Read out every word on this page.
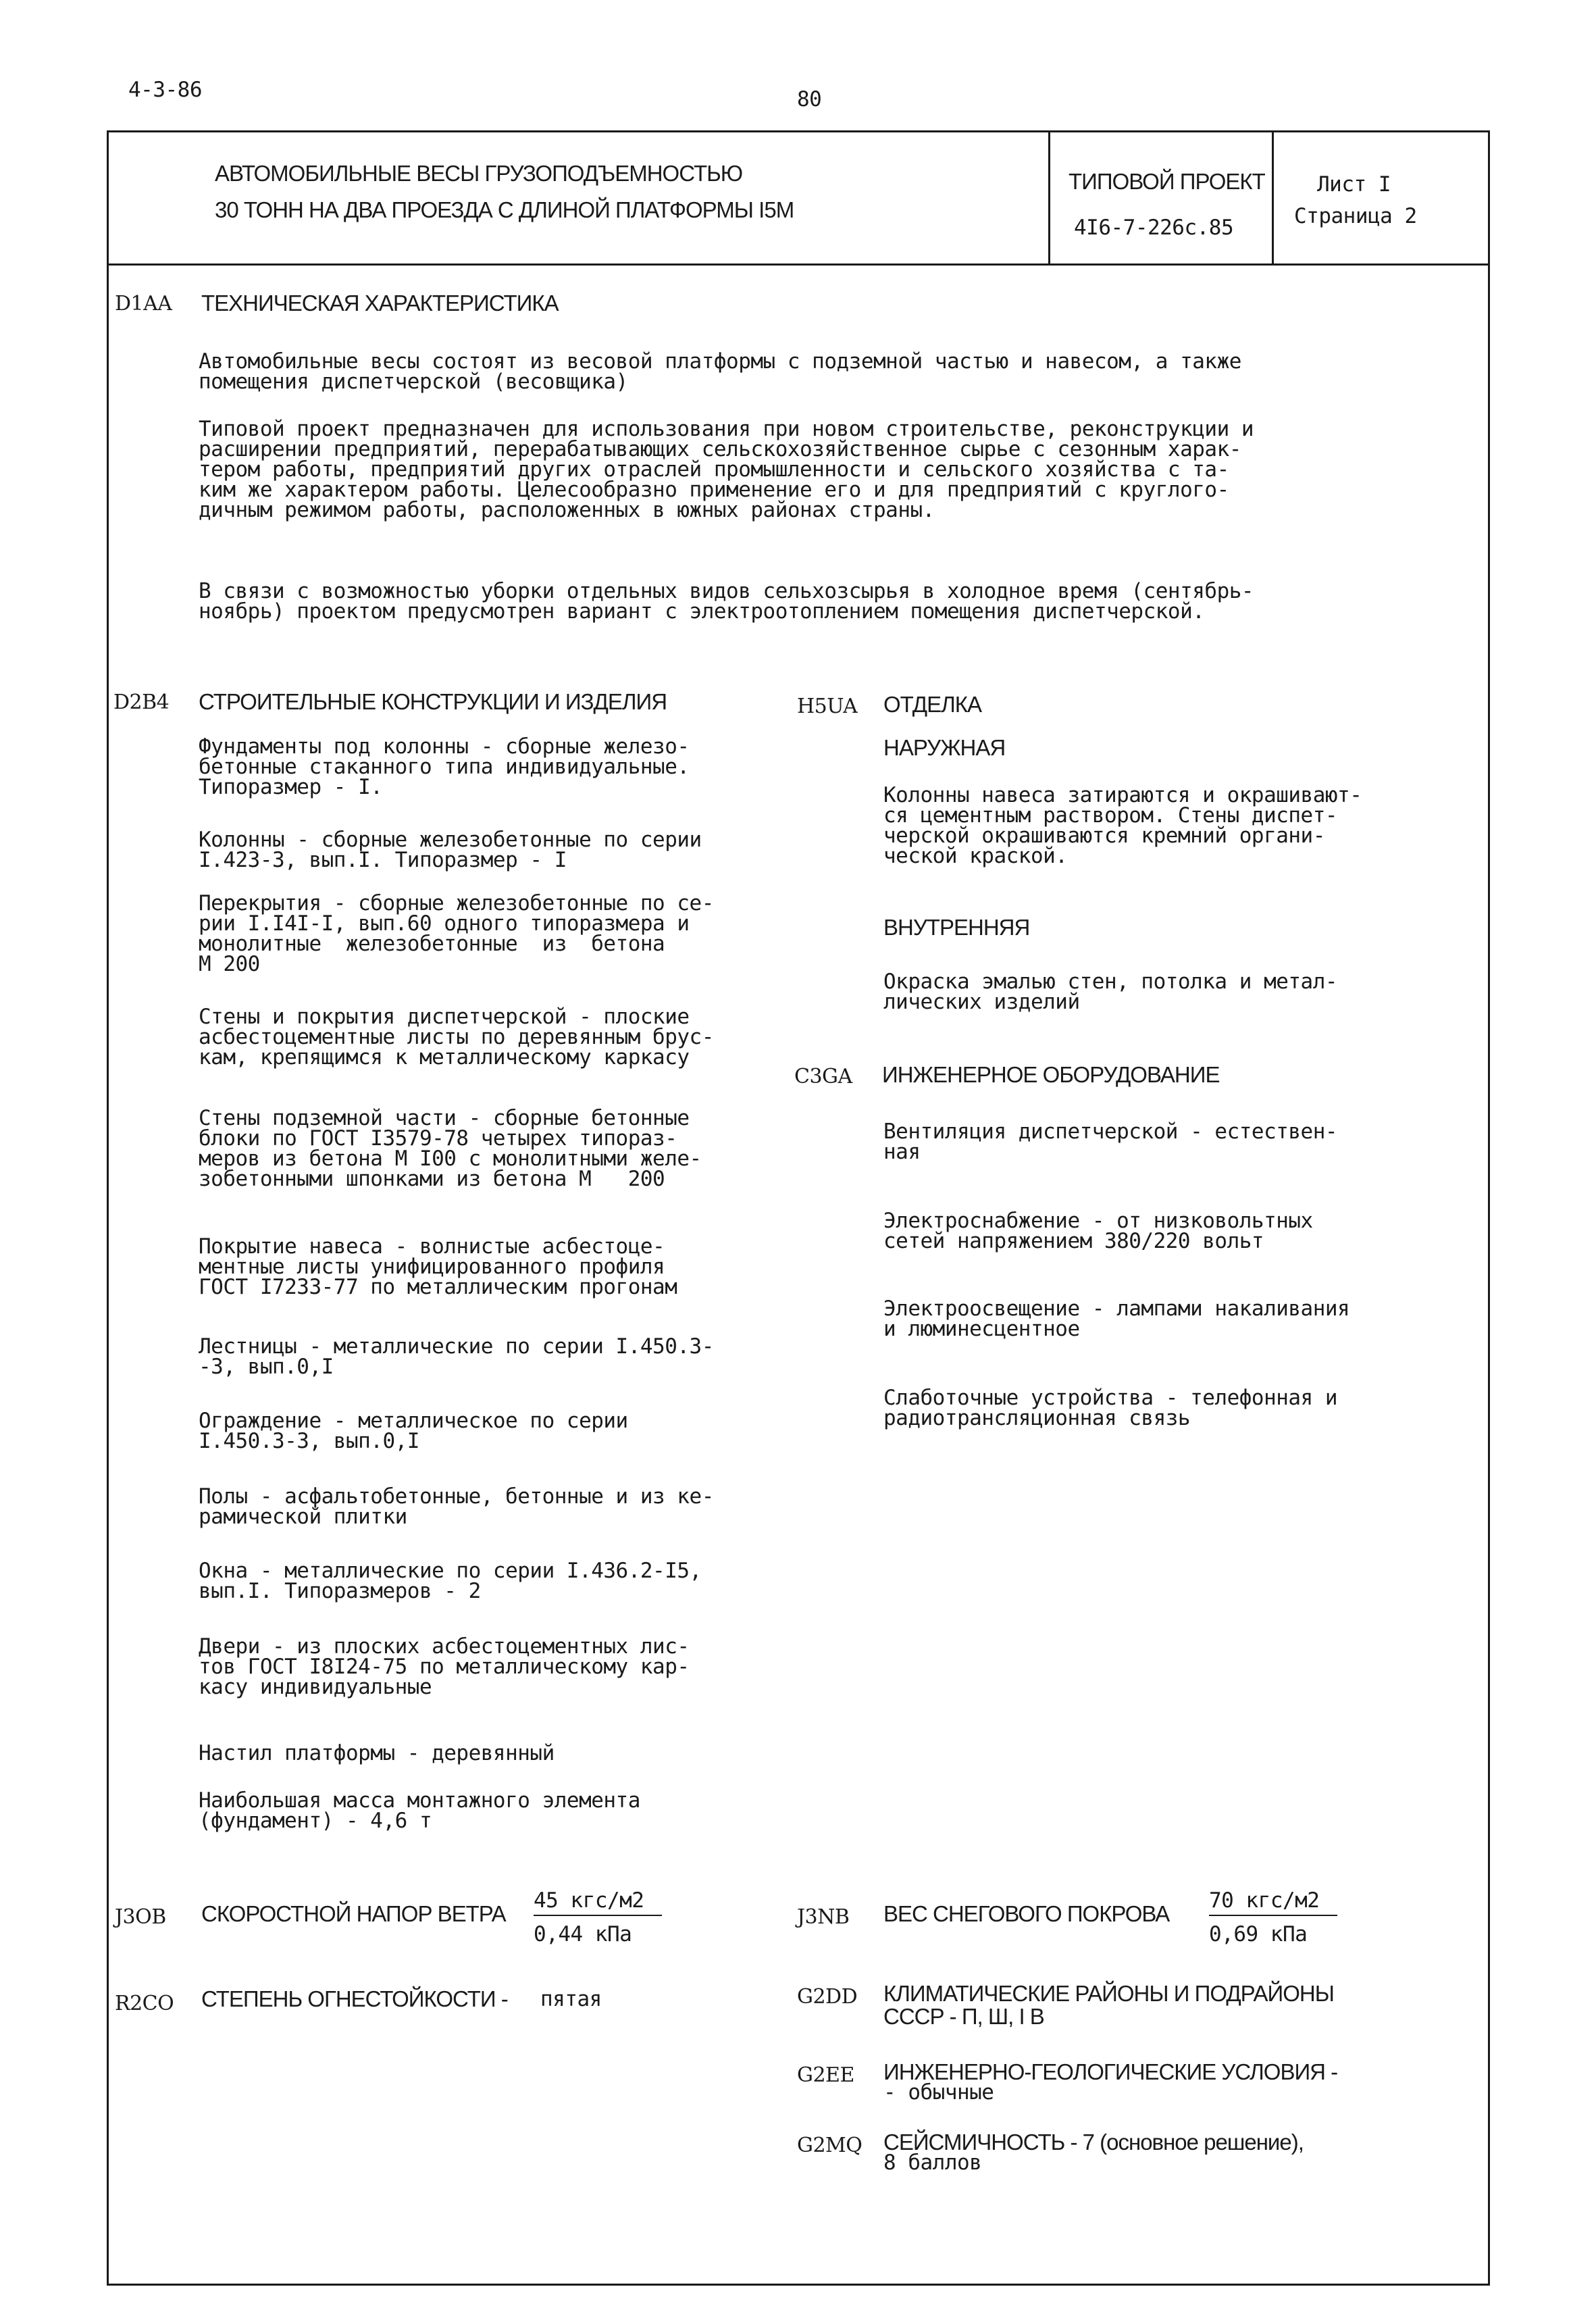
4-3-86	80
АВТОМОБИЛЬНЫЕ ВЕСЫ ГРУЗОПОДЪЕМНОСТЬЮ
30 ТОНН НА ДВА ПРОЕЗДА С ДЛИНОЙ ПЛАТФОРМЫ I5М
ТИПОВОЙ ПРОЕКТ
4I6-7-226с.85
Лист I
Страница 2
D1AA ТЕХНИЧЕСКАЯ ХАРАКТЕРИСТИКА
Автомобильные весы состоят из весовой платформы с подземной частью и навесом, а также
помещения диспетчерской (весовщика)
Типовой проект предназначен для использования при новом строительстве, реконструкции и
расширении предприятий, перерабатывающих сельскохозяйственное сырье с сезонным харак-
тером работы, предприятий других отраслей промышленности и сельского хозяйства с та-
ким же характером работы. Целесообразно применение его и для предприятий с круглого-
дичным режимом работы, расположенных в южных районах страны.
В связи с возможностью уборки отдельных видов сельхозсырья в холодное время (сентябрь-
ноябрь) проектом предусмотрен вариант с электроотоплением помещения диспетчерской.
D2B4 СТРОИТЕЛЬНЫЕ КОНСТРУКЦИИ И ИЗДЕЛИЯ
Фундаменты под колонны - сборные железо-
бетонные стаканного типа индивидуальные.
Типоразмер - I.
Колонны - сборные железобетонные по серии
I.423-3, вып.I. Типоразмер - I
Перекрытия - сборные железобетонные по се-
рии I.I4I-I, вып.60 одного типоразмера и
монолитные  железобетонные  из  бетона
М 200
Стены и покрытия диспетчерской - плоские
асбестоцементные листы по деревянным брус-
кам, крепящимся к металлическому каркасу
Стены подземной части - сборные бетонные
блоки по ГОСТ I3579-78 четырех типораз-
меров из бетона М I00 с монолитными желе-
зобетонными шпонками из бетона М   200
Покрытие навеса - волнистые асбестоце-
ментные листы унифицированного профиля
ГОСТ I7233-77 по металлическим прогонам
Лестницы - металлические по серии I.450.3-
-3, вып.0,I
Ограждение - металлическое по серии
I.450.3-3, вып.0,I
Полы - асфальтобетонные, бетонные и из ке-
рамической плитки
Окна - металлические по серии I.436.2-I5,
вып.I. Типоразмеров - 2
Двери - из плоских асбестоцементных лис-
тов ГОСТ I8I24-75 по металлическому кар-
касу индивидуальные
Настил платформы - деревянный
Наибольшая масса монтажного элемента
(фундамент) - 4,6 т
H5UA ОТДЕЛКА
НАРУЖНАЯ
Колонны навеса затираются и окрашивают-
ся цементным раствором. Стены диспет-
черской окрашиваются кремний органи-
ческой краской.
ВНУТРЕННЯЯ
Окраска эмалью стен, потолка и метал-
лических изделий
C3GA ИНЖЕНЕРНОЕ ОБОРУДОВАНИЕ
Вентиляция диспетчерской - естествен-
ная
Электроснабжение - от низковольтных
сетей напряжением 380/220 вольт
Электроосвещение - лампами накаливания
и люминесцентное
Слаботочные устройства - телефонная и
радиотрансляционная связь
J3OB СКОРОСТНОЙ НАПОР ВЕТРА
45 кгс/м2
0,44 кПа
J3NB ВЕС СНЕГОВОГО ПОКРОВА
70 кгс/м2
0,69 кПа
R2CO СТЕПЕНЬ ОГНЕСТОЙКОСТИ - пятая	G2DD КЛИМАТИЧЕСКИЕ РАЙОНЫ И ПОДРАЙОНЫ
СССР - П, Ш, I В
G2EE ИНЖЕНЕРНО-ГЕОЛОГИЧЕСКИЕ УСЛОВИЯ -
- обычные
G2MQ СЕЙСМИЧНОСТЬ - 7 (основное решение),
8 баллов
